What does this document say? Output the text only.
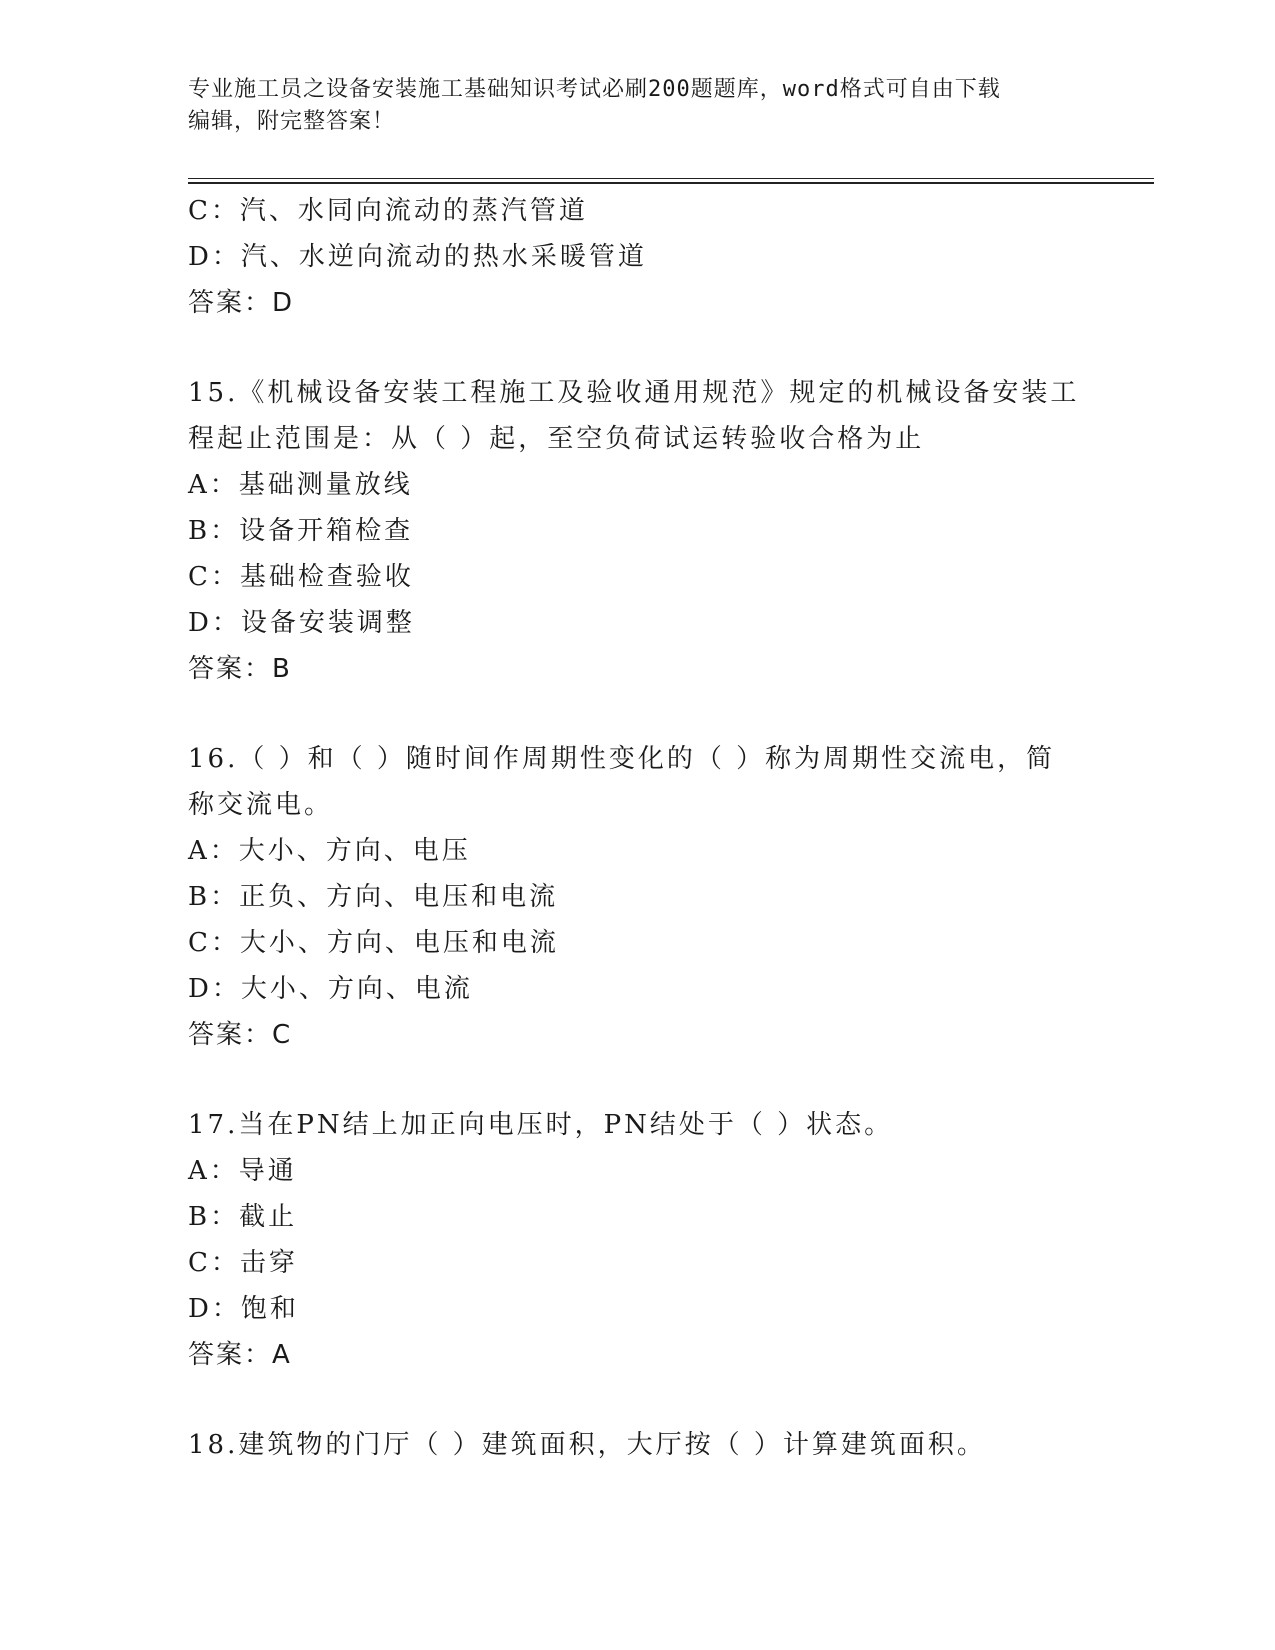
专业施工员之设备安装施工基础知识考试必刷200题题库，word格式可自由下载
编辑，附完整答案！
C：汽、水同向流动的蒸汽管道
D：汽、水逆向流动的热水采暖管道
答案：D
15.《机械设备安装工程施工及验收通用规范》规定的机械设备安装工
程起止范围是：从（ ）起，至空负荷试运转验收合格为止
A：基础测量放线
B：设备开箱检查
C：基础检查验收
D：设备安装调整
答案：B
16.（ ）和（ ）随时间作周期性变化的（ ）称为周期性交流电，简
称交流电。
A：大小、方向、电压
B：正负、方向、电压和电流
C：大小、方向、电压和电流
D：大小、方向、电流
答案：C
17.当在PN结上加正向电压时，PN结处于（ ）状态。
A：导通
B：截止
C：击穿
D：饱和
答案：A
18.建筑物的门厅（ ）建筑面积，大厅按（ ）计算建筑面积。
